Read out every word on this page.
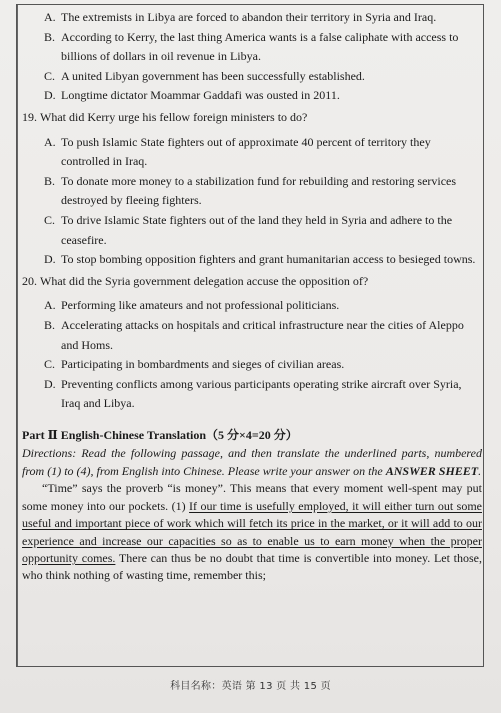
A. The extremists in Libya are forced to abandon their territory in Syria and Iraq.
B. According to Kerry, the last thing America wants is a false caliphate with access to billions of dollars in oil revenue in Libya.
C. A united Libyan government has been successfully established.
D. Longtime dictator Moammar Gaddafi was ousted in 2011.
19. What did Kerry urge his fellow foreign ministers to do?
A. To push Islamic State fighters out of approximate 40 percent of territory they controlled in Iraq.
B. To donate more money to a stabilization fund for rebuilding and restoring services destroyed by fleeing fighters.
C. To drive Islamic State fighters out of the land they held in Syria and adhere to the ceasefire.
D. To stop bombing opposition fighters and grant humanitarian access to besieged towns.
20. What did the Syria government delegation accuse the opposition of?
A. Performing like amateurs and not professional politicians.
B. Accelerating attacks on hospitals and critical infrastructure near the cities of Aleppo and Homs.
C. Participating in bombardments and sieges of civilian areas.
D. Preventing conflicts among various participants operating strike aircraft over Syria, Iraq and Libya.
Part Ⅱ English-Chinese Translation（5 分×4=20 分）
Directions: Read the following passage, and then translate the underlined parts, numbered from (1) to (4), from English into Chinese. Please write your answer on the ANSWER SHEET.
“Time” says the proverb “is money”. This means that every moment well-spent may put some money into our pockets. (1) If our time is usefully employed, it will either turn out some useful and important piece of work which will fetch its price in the market, or it will add to our experience and increase our capacities so as to enable us to earn money when the proper opportunity comes. There can thus be no doubt that time is convertible into money. Let those, who think nothing of wasting time, remember this;
科目名称：英语 第 13 页 共 15 页
